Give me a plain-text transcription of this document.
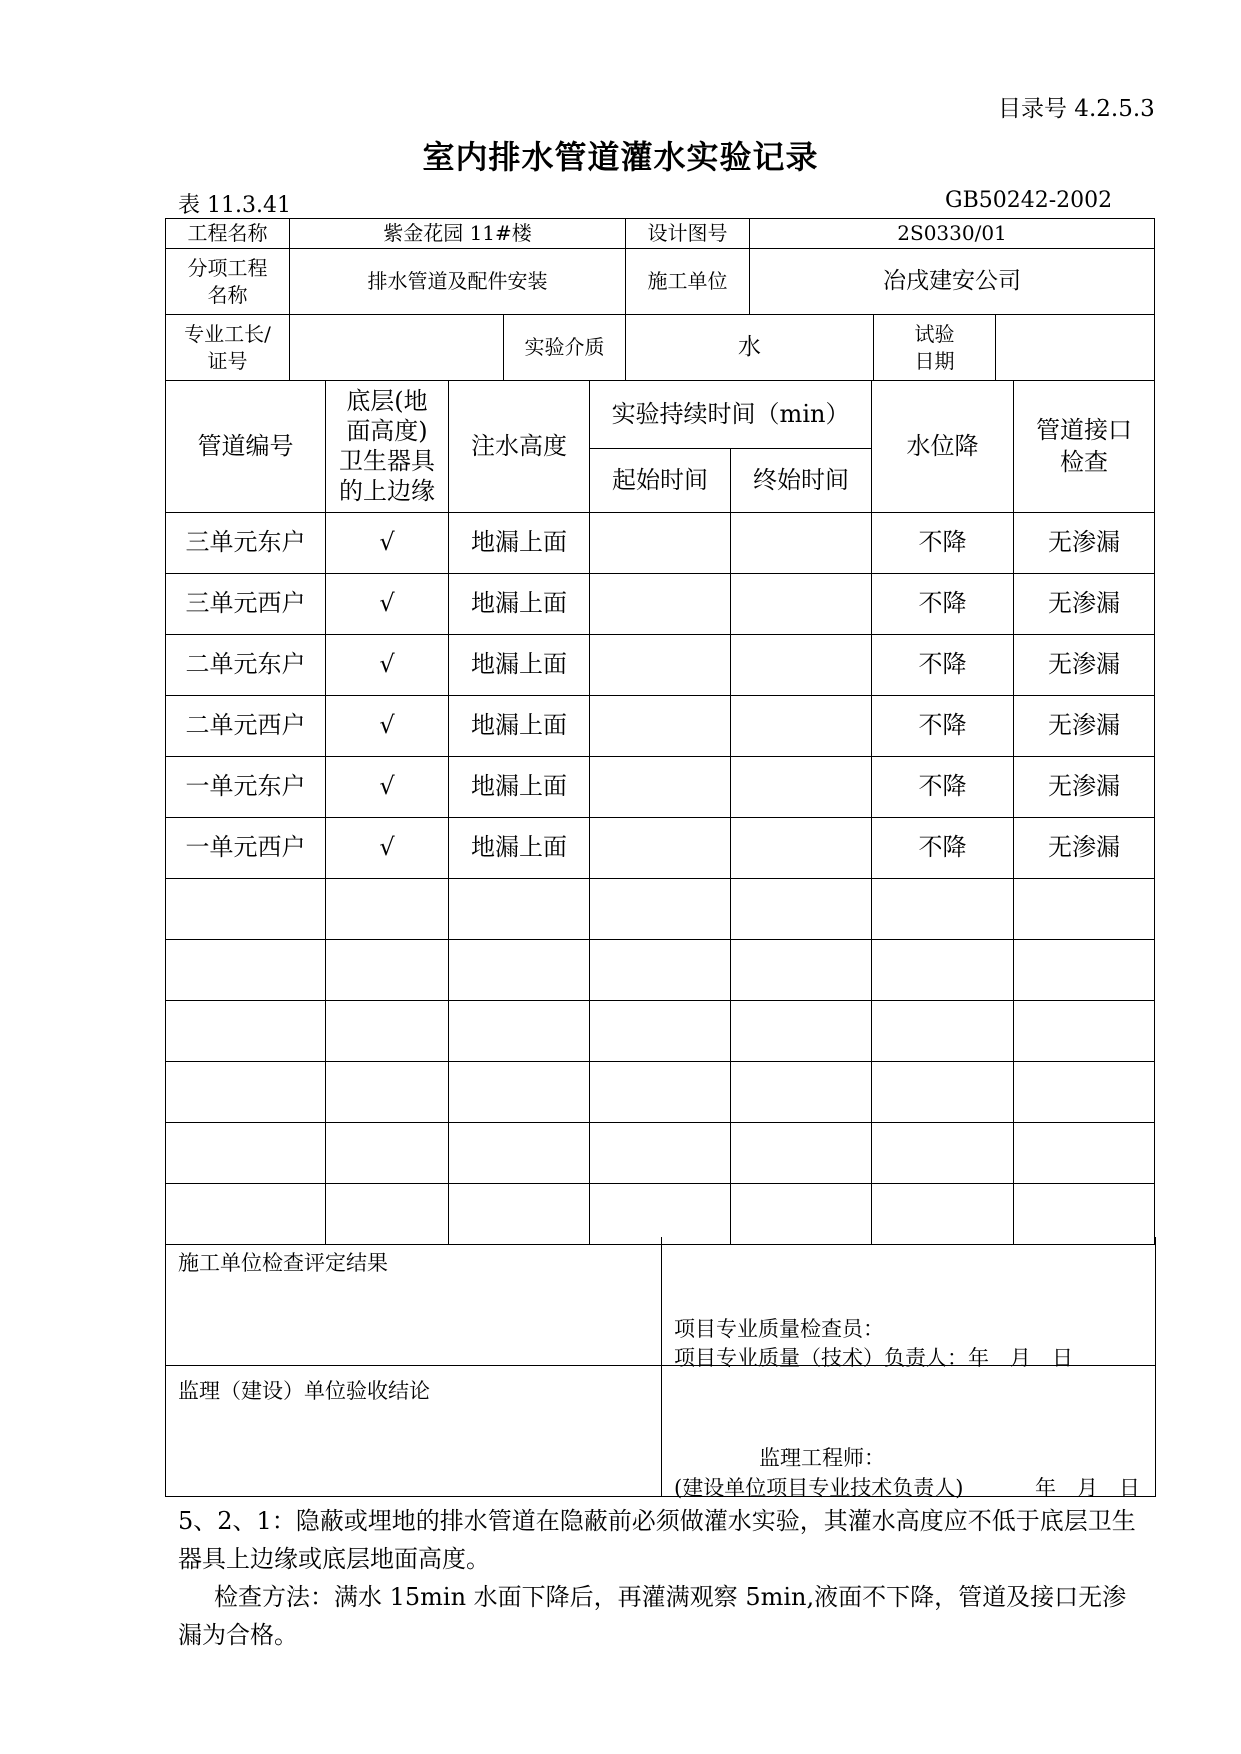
目录号 4.2.5.3
室内排水管道灌水实验记录
表 11.3.41	GB50242-2002
工程名称	紫金花园 11#楼		设计图号	2S0330/01		

分项工程名称	排水管道及配件安装		施工单位	冶戌建安公司		

专业工长/证号		实验介质	水		试验日期	

管道编号	底层(地面高度)卫生器具的上边缘	注水高度	实验持续时间（min）		水位降	管道接口检查

			起始时间	终始时间		
三单元东户	√	地漏上面			不降	无渗漏
三单元西户	√	地漏上面			不降	无渗漏
二单元东户	√	地漏上面			不降	无渗漏
二单元西户	√	地漏上面			不降	无渗漏
一单元东户	√	地漏上面			不降	无渗漏
一单元西户	√	地漏上面			不降	无渗漏

施工单位检查评定结果
项目专业质量检查员：
项目专业质量（技术）负责人：年　月　日
监理（建设）单位验收结论
监理工程师：
(建设单位项目专业技术负责人)	年　月　日
5、2、1：隐蔽或埋地的排水管道在隐蔽前必须做灌水实验，其灌水高度应不低于底层卫生器具上边缘或底层地面高度。
检查方法：满水 15min 水面下降后，再灌满观察 5min,液面不下降，管道及接口无渗漏为合格。
